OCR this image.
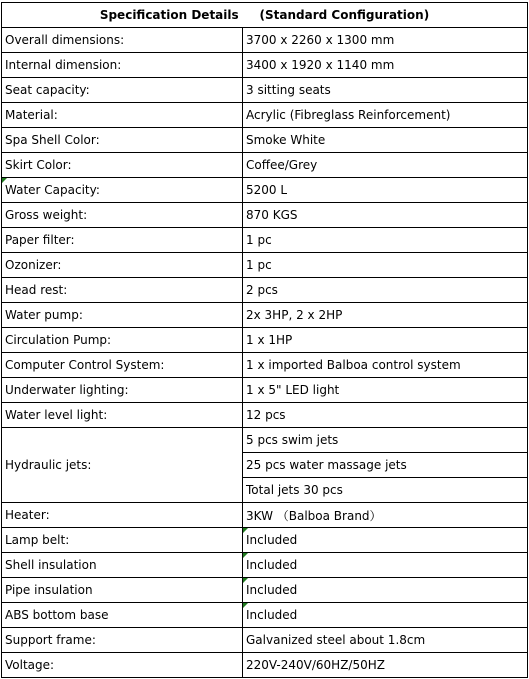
Specification Details     (Standard Configuration)	
Overall dimensions:	3700 x 2260 x 1300 mm
Internal dimension:	3400 x 1920 x 1140 mm
Seat capacity:	3 sitting seats
Material:	Acrylic (Fibreglass Reinforcement)
Spa Shell Color:	Smoke White
Skirt Color:	Coffee/Grey

Water Capacity:	5200 L
Gross weight:	870 KGS
Paper filter:	1 pc
Ozonizer:	1 pc
Head rest:	2 pcs
Water pump:	2x 3HP, 2 x 2HP
Circulation Pump:	1 x 1HP
Computer Control System:	1 x imported Balboa control system
Underwater lighting:	1 x 5" LED light
Water level light:	12 pcs
Hydraulic jets:	5 pcs swim jets
	25 pcs water massage jets
	Total jets 30 pcs
Heater:	3KW （Balboa Brand）
Lamp belt:	Included
Shell insulation	Included
Pipe insulation	Included
ABS bottom base	Included
Support frame:	Galvanized steel about 1.8cm
Voltage:	220V-240V/60HZ/50HZ
